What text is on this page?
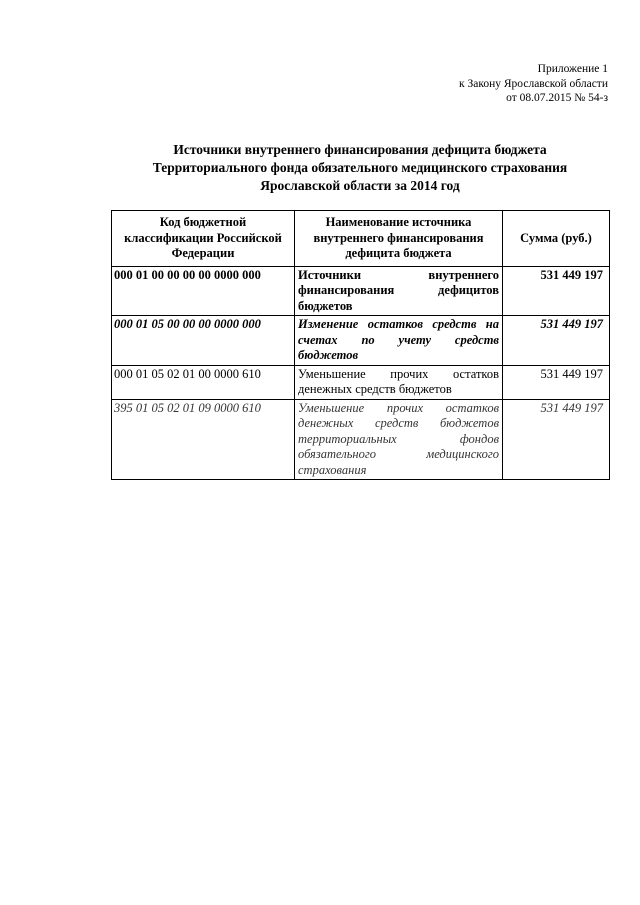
Приложение 1
к Закону Ярославской области
от 08.07.2015 № 54-з
Источники внутреннего финансирования дефицита бюджета
Территориального фонда обязательного медицинского страхования
Ярославской области за 2014 год
Код бюджетной классификации Российской Федерации	Наименование источника внутреннего финансирования дефицита бюджета	Сумма (руб.)
000 01 00 00 00 00 0000 000	Источники внутреннего финансирования дефицитов бюджетов	531 449 197
000 01 05 00 00 00 0000 000	Изменение остатков средств на счетах по учету средств бюджетов	531 449 197
000 01 05 02 01 00 0000 610	Уменьшение прочих остатков денежных средств бюджетов	531 449 197
395 01 05 02 01 09 0000 610	Уменьшение прочих остатков денежных средств бюджетов территориальных фондов обязательного медицинского страхования	531 449 197
